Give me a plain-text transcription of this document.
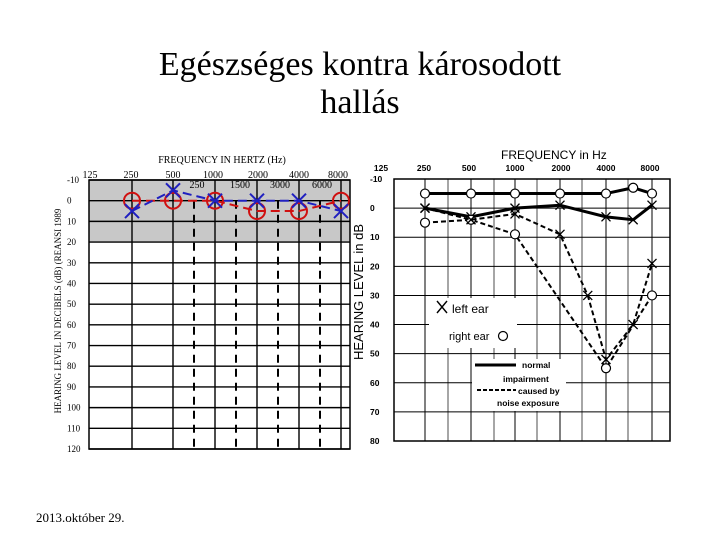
Egészséges kontra károsodott
hallás
FREQUENCY IN HERTZ (Hz)
125	250	500 1000	2000 4000 8000
250	1500 3000 6000
-10
0
10
20
30
40
50
60
70
80
90
100
110
120
HEARING LEVEL IN DECIBELS (dB) (REANSI 1989
FREQUENCY in Hz
125	250	500	1000	2000	4000	8000
-10
0
10
20
30
40
50
60
70
80
HEARING LEVEL in dB	left ear
right ear
normal
impairment
caused by
noise exposure
2013.október 29.
